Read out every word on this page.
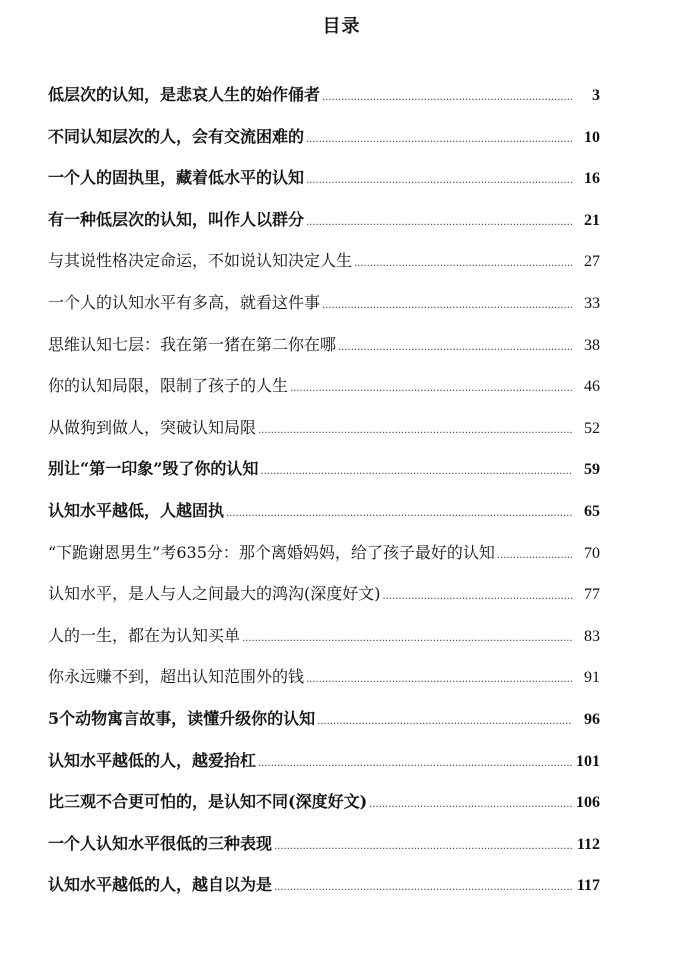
目录
低层次的认知，是悲哀人生的始作俑者 .....	3
不同认知层次的人，会有交流困难的 .....	10
一个人的固执里，藏着低水平的认知 .....	16
有一种低层次的认知，叫作人以群分 .....	21
与其说性格决定命运，不如说认知决定人生 .....	27
一个人的认知水平有多高，就看这件事 .....	33
思维认知七层：我在第一猪在第二你在哪 .....	38
你的认知局限，限制了孩子的人生 .....	46
从做狗到做人，突破认知局限 .....	52
别让“第一印象”毁了你的认知 .....	59
认知水平越低，人越固执 .....	65
“下跪谢恩男生”考635分：那个离婚妈妈，给了孩子最好的认知 .....	70
认知水平，是人与人之间最大的鸿沟(深度好文) .....	77
人的一生，都在为认知买单 .....	83
你永远赚不到，超出认知范围外的钱 .....	91
5个动物寓言故事，读懂升级你的认知 .....	96
认知水平越低的人，越爱抬杠 .....	101
比三观不合更可怕的，是认知不同(深度好文) .....	106
一个人认知水平很低的三种表现 .....	112
认知水平越低的人，越自以为是 .....	117
